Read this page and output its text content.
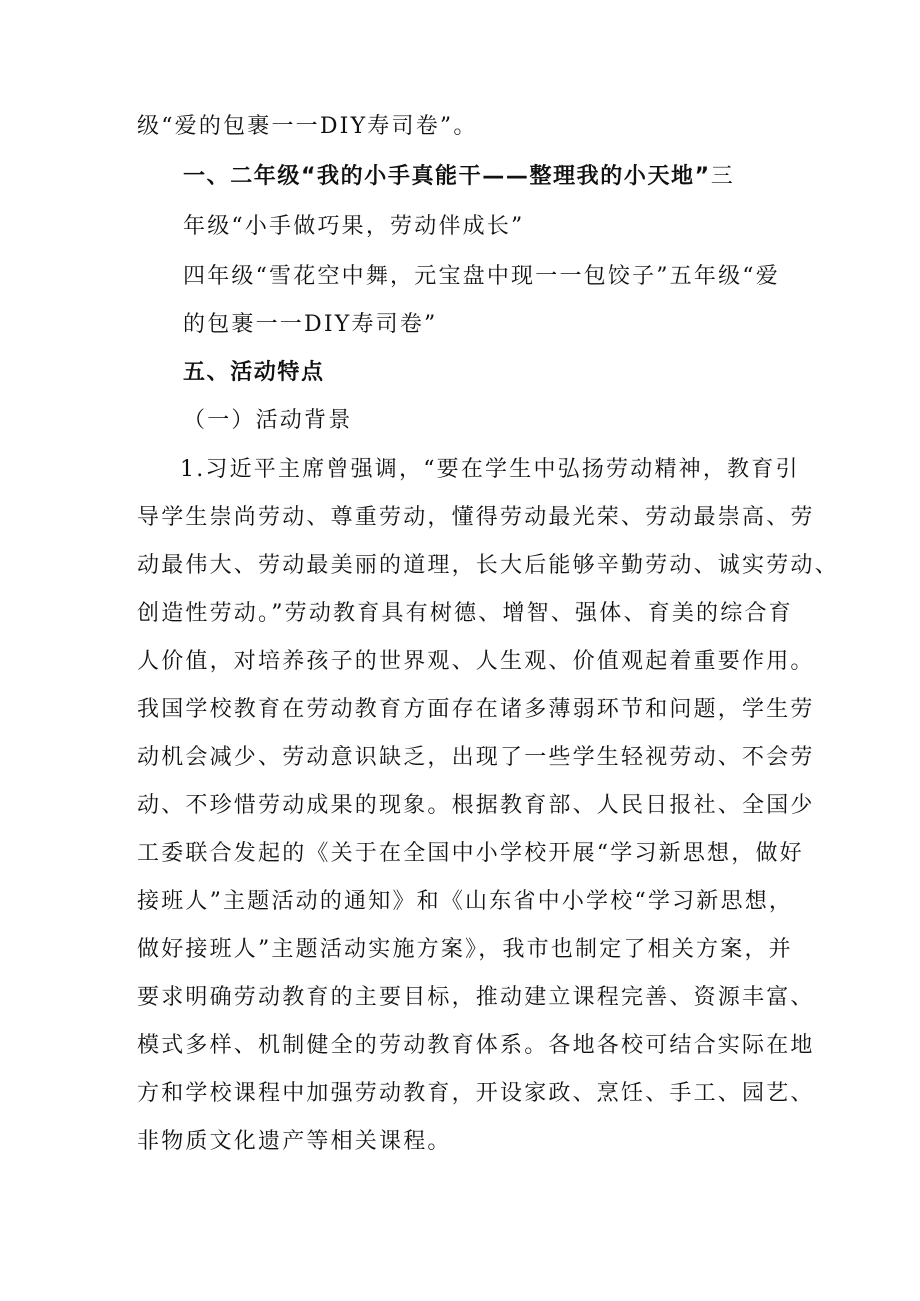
级“爱的包裹一一DIY寿司卷”。
一、二年级“我的小手真能干——整理我的小天地”三
年级“小手做巧果，劳动伴成长”
四年级“雪花空中舞，元宝盘中现一一包饺子”五年级“爱
的包裹一一DIY寿司卷”
五、活动特点
（一）活动背景
1.习近平主席曾强调，“要在学生中弘扬劳动精神，教育引
导学生崇尚劳动、尊重劳动，懂得劳动最光荣、劳动最崇高、劳
动最伟大、劳动最美丽的道理，长大后能够辛勤劳动、诚实劳动、
创造性劳动。”劳动教育具有树德、增智、强体、育美的综合育
人价值，对培养孩子的世界观、人生观、价值观起着重要作用。
我国学校教育在劳动教育方面存在诸多薄弱环节和问题，学生劳
动机会减少、劳动意识缺乏，出现了一些学生轻视劳动、不会劳
动、不珍惜劳动成果的现象。根据教育部、人民日报社、全国少
工委联合发起的《关于在全国中小学校开展“学习新思想，做好
接班人”主题活动的通知》和《山东省中小学校“学习新思想，
做好接班人”主题活动实施方案》，我市也制定了相关方案，并
要求明确劳动教育的主要目标，推动建立课程完善、资源丰富、
模式多样、机制健全的劳动教育体系。各地各校可结合实际在地
方和学校课程中加强劳动教育，开设家政、烹饪、手工、园艺、
非物质文化遗产等相关课程。
